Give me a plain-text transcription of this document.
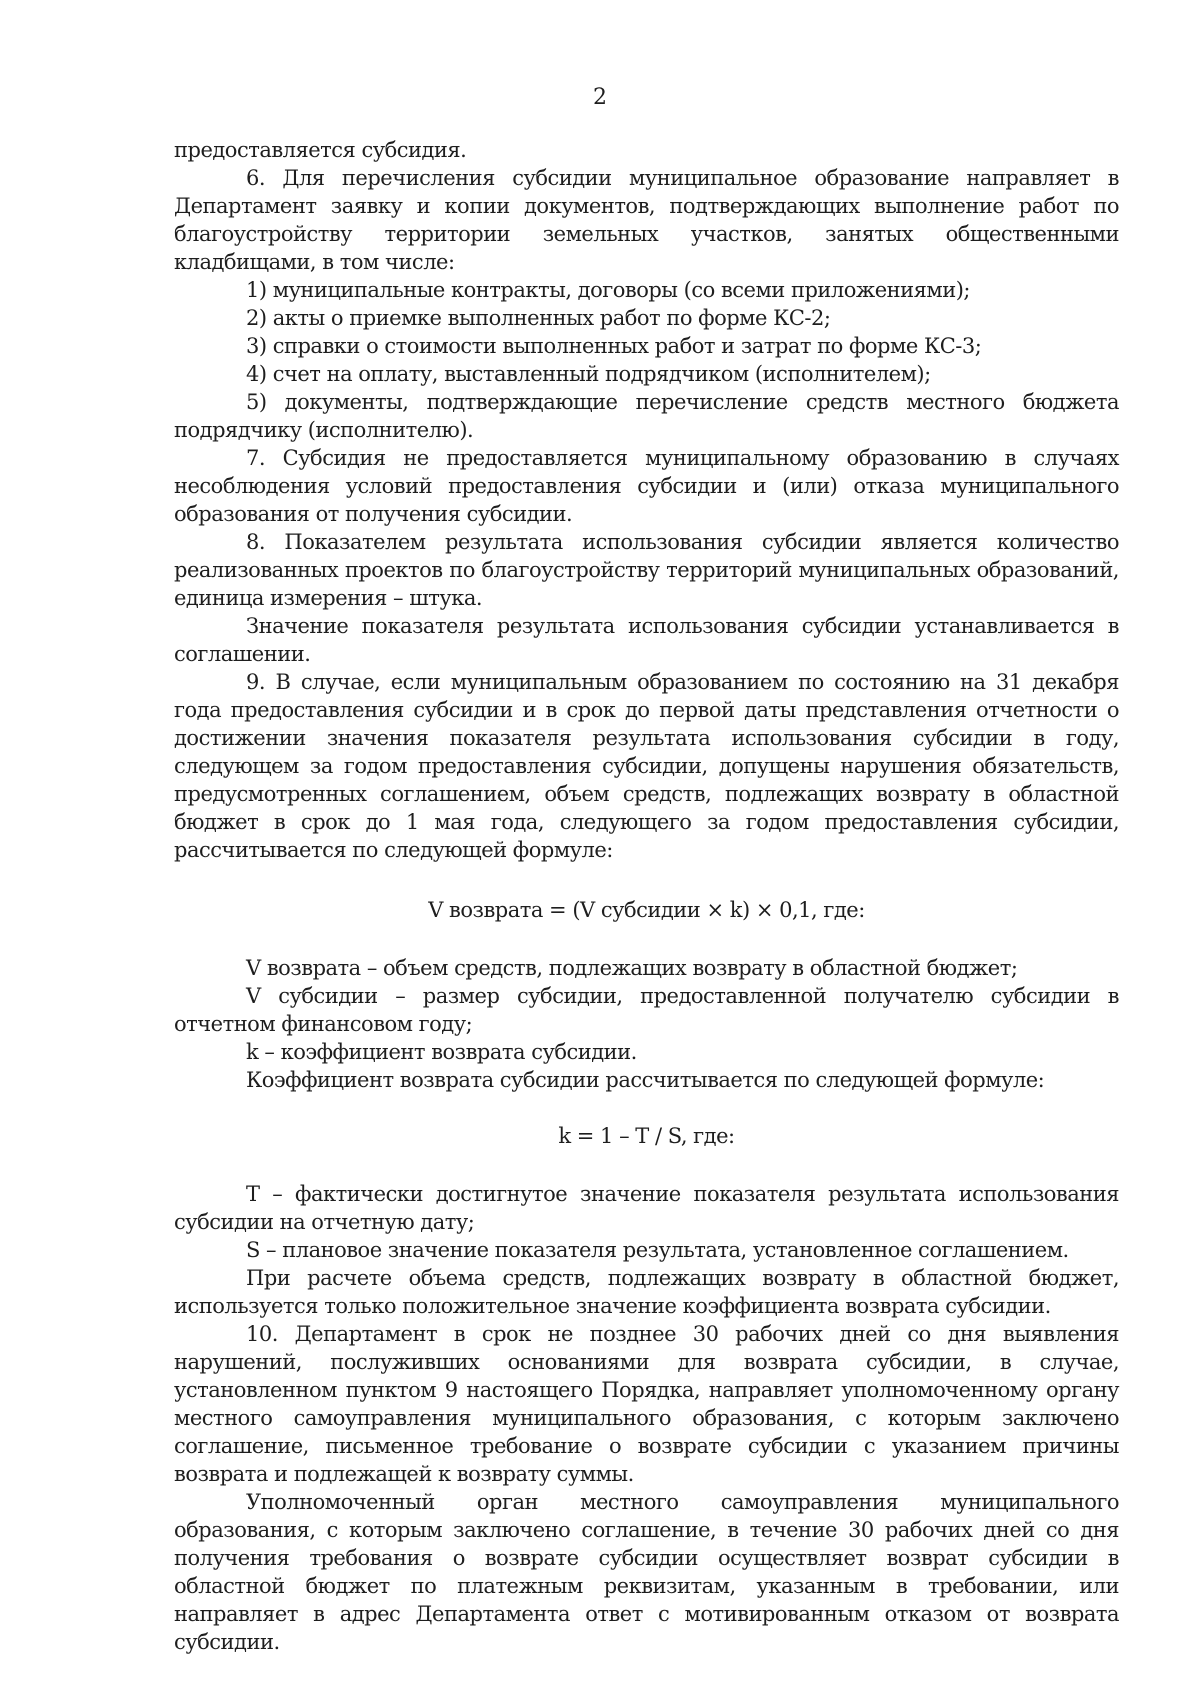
2

предоставляется субсидия.

6. Для перечисления субсидии муниципальное образование направляет в Департамент заявку и копии документов, подтверждающих выполнение работ по благоустройству территории земельных участков, занятых общественными кладбищами, в том числе:

1) муниципальные контракты, договоры (со всеми приложениями);

2) акты о приемке выполненных работ по форме КС-2;

3) справки о стоимости выполненных работ и затрат по форме КС-3;

4) счет на оплату, выставленный подрядчиком (исполнителем);

5) документы, подтверждающие перечисление средств местного бюджета подрядчику (исполнителю).

7. Субсидия не предоставляется муниципальному образованию в случаях несоблюдения условий предоставления субсидии и (или) отказа муниципального образования от получения субсидии.

8. Показателем результата использования субсидии является количество реализованных проектов по благоустройству территорий муниципальных образований, единица измерения – штука.

Значение показателя результата использования субсидии устанавливается в соглашении.

9. В случае, если муниципальным образованием по состоянию на 31 декабря года предоставления субсидии и в срок до первой даты представления отчетности о достижении значения показателя результата использования субсидии в году, следующем за годом предоставления субсидии, допущены нарушения обязательств, предусмотренных соглашением, объем средств, подлежащих возврату в областной бюджет в срок до 1 мая года, следующего за годом предоставления субсидии, рассчитывается по следующей формуле:

V возврата = (V субсидии × k) × 0,1, где:

V возврата – объем средств, подлежащих возврату в областной бюджет;

V субсидии – размер субсидии, предоставленной получателю субсидии в отчетном финансовом году;

k – коэффициент возврата субсидии.

Коэффициент возврата субсидии рассчитывается по следующей формуле:

k = 1 – T / S, где:

T – фактически достигнутое значение показателя результата использования субсидии на отчетную дату;

S – плановое значение показателя результата, установленное соглашением.

При расчете объема средств, подлежащих возврату в областной бюджет, используется только положительное значение коэффициента возврата субсидии.

10. Департамент в срок не позднее 30 рабочих дней со дня выявления нарушений, послуживших основаниями для возврата субсидии, в случае, установленном пунктом 9 настоящего Порядка, направляет уполномоченному органу местного самоуправления муниципального образования, с которым заключено соглашение, письменное требование о возврате субсидии с указанием причины возврата и подлежащей к возврату суммы.

Уполномоченный орган местного самоуправления муниципального образования, с которым заключено соглашение, в течение 30 рабочих дней со дня получения требования о возврате субсидии осуществляет возврат субсидии в областной бюджет по платежным реквизитам, указанным в требовании, или направляет в адрес Департамента ответ с мотивированным отказом от возврата субсидии.
